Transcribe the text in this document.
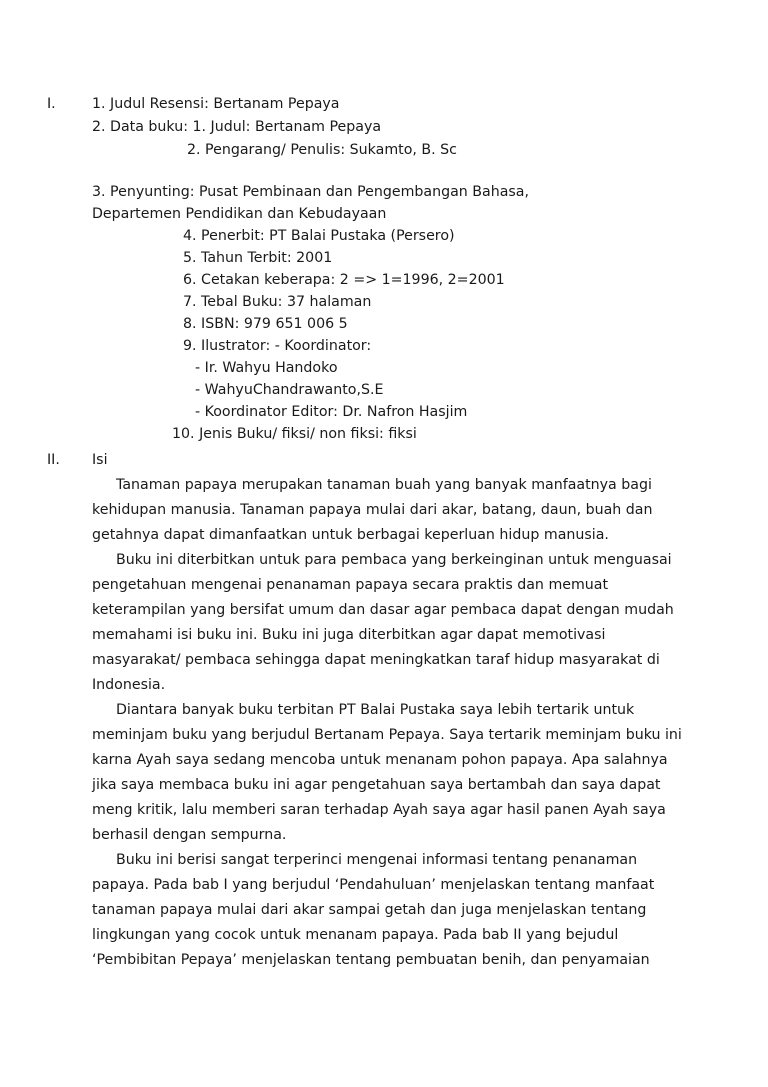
I.	1. Judul Resensi: Bertanam Pepaya
2. Data buku: 1. Judul: Bertanam Pepaya
2. Pengarang/ Penulis: Sukamto, B. Sc
3. Penyunting: Pusat Pembinaan dan Pengembangan Bahasa,
Departemen Pendidikan dan Kebudayaan
4. Penerbit: PT Balai Pustaka (Persero)
5. Tahun Terbit: 2001
6. Cetakan keberapa: 2 => 1=1996, 2=2001
7. Tebal Buku: 37 halaman
8. ISBN: 979 651 006 5
9. Ilustrator: - Koordinator:
- Ir. Wahyu Handoko
- WahyuChandrawanto,S.E
- Koordinator Editor: Dr. Nafron Hasjim
10. Jenis Buku/ fiksi/ non fiksi: fiksi
II. Isi
Tanaman papaya merupakan tanaman buah yang banyak manfaatnya bagi
kehidupan manusia. Tanaman papaya mulai dari akar, batang, daun, buah dan
getahnya dapat dimanfaatkan untuk berbagai keperluan hidup manusia.
Buku ini diterbitkan untuk para pembaca yang berkeinginan untuk menguasai
pengetahuan mengenai penanaman papaya secara praktis dan memuat
keterampilan yang bersifat umum dan dasar agar pembaca dapat dengan mudah
memahami isi buku ini. Buku ini juga diterbitkan agar dapat memotivasi
masyarakat/ pembaca sehingga dapat meningkatkan taraf hidup masyarakat di
Indonesia.
Diantara banyak buku terbitan PT Balai Pustaka saya lebih tertarik untuk
meminjam buku yang berjudul Bertanam Pepaya. Saya tertarik meminjam buku ini
karna Ayah saya sedang mencoba untuk menanam pohon papaya. Apa salahnya
jika saya membaca buku ini agar pengetahuan saya bertambah dan saya dapat
meng kritik, lalu memberi saran terhadap Ayah saya agar hasil panen Ayah saya
berhasil dengan sempurna.
Buku ini berisi sangat terperinci mengenai informasi tentang penanaman
papaya. Pada bab I yang berjudul ‘Pendahuluan’ menjelaskan tentang manfaat
tanaman papaya mulai dari akar sampai getah dan juga menjelaskan tentang
lingkungan yang cocok untuk menanam papaya. Pada bab II yang bejudul
‘Pembibitan Pepaya’ menjelaskan tentang pembuatan benih, dan penyamaian
